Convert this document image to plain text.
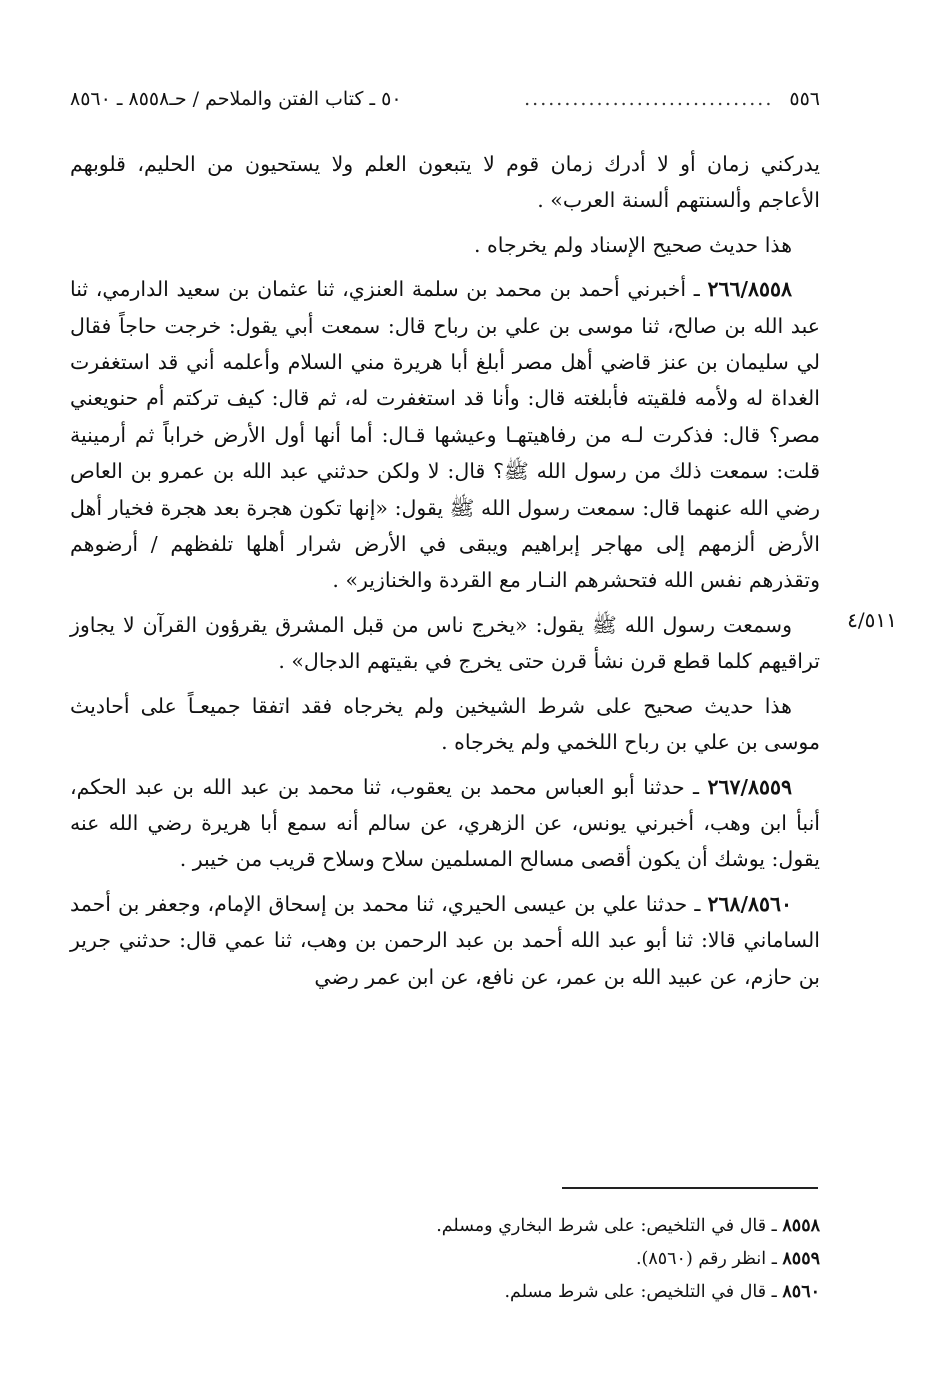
٥٥٦
...............................
٥٠ ـ كتاب الفتن والملاحم / حـ٨٥٥٨ ـ ٨٥٦٠
٤/٥١١

يدركني زمان أو لا أدرك زمان قوم لا يتبعون العلم ولا يستحيون من الحليم، قلوبهم الأعاجم وألسنتهم ألسنة العرب» .

هذا حديث صحيح الإسناد ولم يخرجاه .

٢٦٦/٨٥٥٨ ـ أخبرني أحمد بن محمد بن سلمة العنزي، ثنا عثمان بن سعيد الدارمي، ثنا عبد الله بن صالح، ثنا موسى بن علي بن رباح قال: سمعت أبي يقول: خرجت حاجاً فقال لي سليمان بن عنز قاضي أهل مصر أبلغ أبا هريرة مني السلام وأعلمه أني قد استغفرت الغداة له ولأمه فلقيته فأبلغته قال: وأنا قد استغفرت له، ثم قال: كيف تركتم أم حنويعني مصر؟ قال: فذكرت لـه من رفاهيتهـا وعيشها قـال: أما أنها أول الأرض خراباً ثم أرمينية قلت: سمعت ذلك من رسول الله ﷺ؟ قال: لا ولكن حدثني عبد الله بن عمرو بن العاص رضي الله عنهما قال: سمعت رسول الله ﷺ يقول: «إنها تكون هجرة بعد هجرة فخيار أهل الأرض ألزمهم إلى مهاجر إبراهيم ويبقى في الأرض شرار أهلها تلفظهم / أرضوهم وتقذرهم نفس الله فتحشرهم النـار مع القردة والخنازير» .

وسمعت رسول الله ﷺ يقول: «يخرج ناس من قبل المشرق يقرؤون القرآن لا يجاوز تراقيهم كلما قطع قرن نشأ قرن حتى يخرج في بقيتهم الدجال» .

هذا حديث صحيح على شرط الشيخين ولم يخرجاه فقد اتفقا جميعـاً على أحاديث موسى بن علي بن رباح اللخمي ولم يخرجاه .

٢٦٧/٨٥٥٩ ـ حدثنا أبو العباس محمد بن يعقوب، ثنا محمد بن عبد الله بن عبد الحكم، أنبأ ابن وهب، أخبرني يونس، عن الزهري، عن سالم أنه سمع أبا هريرة رضي الله عنه يقول: يوشك أن يكون أقصى مسالح المسلمين سلاح وسلاح قريب من خيبر .

٢٦٨/٨٥٦٠ ـ حدثنا علي بن عيسى الحيري، ثنا محمد بن إسحاق الإمام، وجعفر بن أحمد الساماني قالا: ثنا أبو عبد الله أحمد بن عبد الرحمن بن وهب، ثنا عمي قال: حدثني جرير بن حازم، عن عبيد الله بن عمر، عن نافع، عن ابن عمر رضي

٨٥٥٨ ـ قال في التلخيص: على شرط البخاري ومسلم.
٨٥٥٩ ـ انظر رقم (٨٥٦٠).
٨٥٦٠ ـ قال في التلخيص: على شرط مسلم.
